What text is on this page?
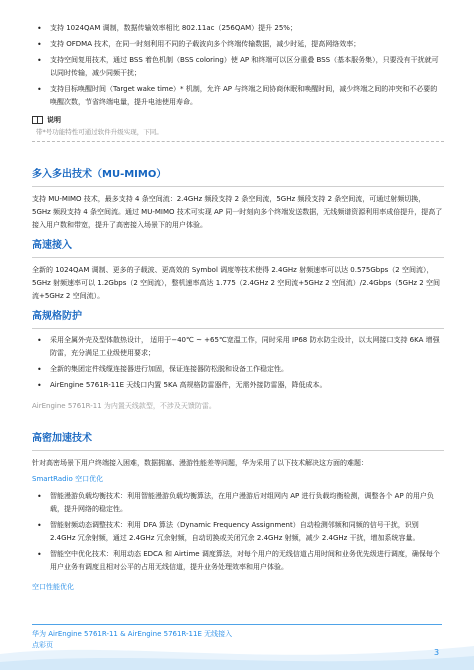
• 支持 1024QAM 调制，数据传输效率相比 802.11ac（256QAM）提升 25%；
• 支持 OFDMA 技术，在同一时刻利用不同的子载波向多个终端传输数据，减少时延，提高网络效率；
• 支持空间复用技术，通过 BSS 着色机制（BSS coloring）使 AP 和终端可以区分重叠 BSS（基本服务集），只要没有干扰就可以同时传输，减少同频干扰；
• 支持目标唤醒时间（Target wake time）* 机制，允许 AP 与终端之间协商休眠和唤醒时间，减少终端之间的冲突和不必要的唤醒次数，节省终端电量，提升电池使用寿命。
说明
带*号功能特性可通过软件升级实现，下同。
多入多出技术（MU-MIMO）
支持 MU-MIMO 技术，最多支持 4 条空间流：2.4GHz 频段支持 2 条空间流，5GHz 频段支持 2 条空间流，可通过射频切换，5GHz 频段支持 4 条空间流。通过 MU-MIMO 技术可实现 AP 同一时刻向多个终端发送数据，无线频谱资源利用率成倍提升，提高了接入用户数和带宽，提升了高密接入场景下的用户体验。
高速接入
全新的 1024QAM 调制、更多的子载波、更高效的 Symbol 调度等技术使得 2.4GHz 射频速率可以达 0.575Gbps（2 空间流），5GHz 射频速率可以 1.2Gbps（2 空间流），整机速率高达 1.775（2.4GHz 2 空间流+5GHz 2 空间流）/2.4Gbps（5GHz 2 空间流+5GHz 2 空间流）。
高规格防护
• 采用全属外壳及型体散热设计， 适用于−40℃ ~ +65℃宽温工作，同时采用 IP68 防水防尘设计，以太网接口支持 6KA 增强防雷，充分满足工业级使用要求；
• 全新的集团定件线缆连接器进行加固，保证连接器防松脱和设备工作稳定性。
• AirEngine 5761R-11E 天线口内置 5KA 高规格防雷器件，无需外接防雷器，降低成本。
AirEngine 5761R-11 为内置天线款型，不涉及天馈防雷。
高密加速技术
针对高密场景下用户终端接入困难，数据拥塞、漫游性能差等问题，华为采用了以下技术解决这方面的难题：
SmartRadio 空口优化
• 智能漫游负载均衡技术：利用智能漫游负载均衡算法，在用户漫游后对组网内 AP 进行负载均衡检测，调整各个 AP 的用户负载，提升网络的稳定性。
• 智能射频动态调整技术：利用 DFA 算法（Dynamic Frequency Assignment）自动检测邻频和同频的信号干扰，识别 2.4GHz 冗余射频，通过 2.4GHz 冗余射频，自动切换或关闭冗余 2.4GHz 射频，减少 2.4GHz 干扰，增加系统容量。
• 智能空中优化技术：利用动态 EDCA 和 Airtime 调度算法，对每个用户的无线信道占用时间和业务优先级进行调度，确保每个用户业务有调度且相对公平的占用无线信道，提升业务处理效率和用户体验。
空口性能优化
华为 AirEngine 5761R-11 & AirEngine 5761R-11E 无线接入
点彩页
3
